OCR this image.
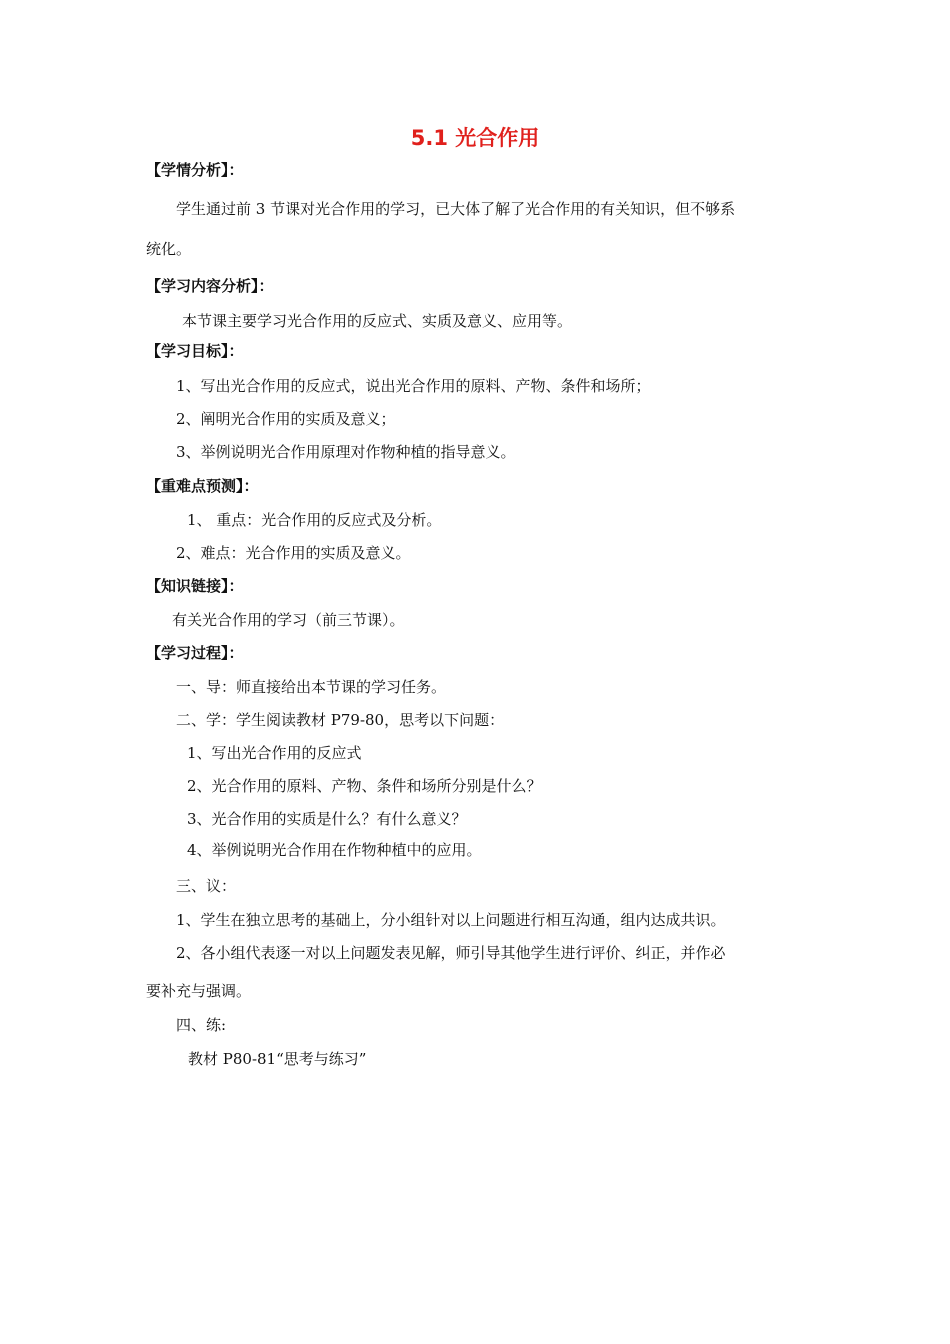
5.1 光合作用
【学情分析】：
学生通过前 3 节课对光合作用的学习，已大体了解了光合作用的有关知识，但不够系
统化。
【学习内容分析】：
本节课主要学习光合作用的反应式、实质及意义、应用等。
【学习目标】：
1、写出光合作用的反应式，说出光合作用的原料、产物、条件和场所；
2、阐明光合作用的实质及意义；
3、举例说明光合作用原理对作物种植的指导意义。
【重难点预测】：
1、 重点：光合作用的反应式及分析。
2、难点：光合作用的实质及意义。
【知识链接】：
有关光合作用的学习（前三节课）。
【学习过程】：
一、导：师直接给出本节课的学习任务。
二、学：学生阅读教材 P79-80，思考以下问题：
1、写出光合作用的反应式
2、光合作用的原料、产物、条件和场所分别是什么？
3、光合作用的实质是什么？有什么意义？
4、举例说明光合作用在作物种植中的应用。
三、议：
1、学生在独立思考的基础上，分小组针对以上问题进行相互沟通，组内达成共识。
2、各小组代表逐一对以上问题发表见解，师引导其他学生进行评价、纠正，并作必
要补充与强调。
四、练:
教材 P80-81“思考与练习”
